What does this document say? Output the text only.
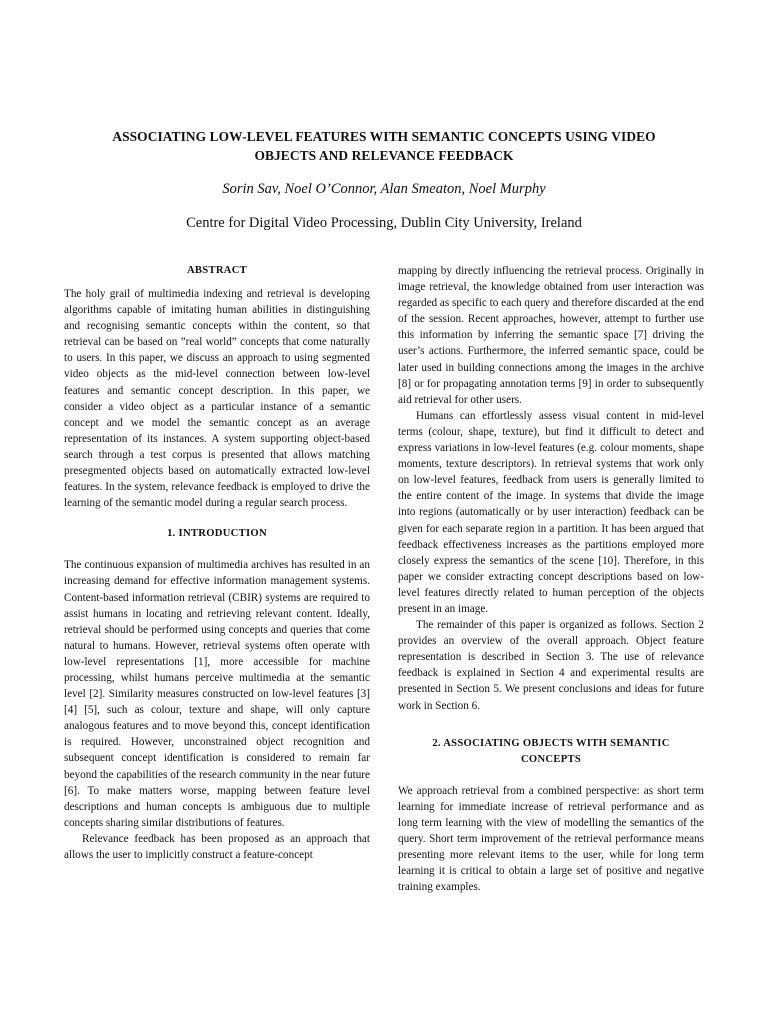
ASSOCIATING LOW-LEVEL FEATURES WITH SEMANTIC CONCEPTS USING VIDEO
OBJECTS AND RELEVANCE FEEDBACK
Sorin Sav, Noel O’Connor, Alan Smeaton, Noel Murphy
Centre for Digital Video Processing, Dublin City University, Ireland
ABSTRACT

The holy grail of multimedia indexing and retrieval is developing algorithms capable of imitating human abilities in distinguishing and recognising semantic concepts within the content, so that retrieval can be based on ”real world” concepts that come naturally to users. In this paper, we discuss an approach to using segmented video objects as the mid-level connection between low-level features and semantic concept description. In this paper, we consider a video object as a particular instance of a semantic concept and we model the semantic concept as an average representation of its instances. A system supporting object-based search through a test corpus is presented that allows matching presegmented objects based on automatically extracted low-level features. In the system, relevance feedback is employed to drive the learning of the semantic model during a regular search process.

1. INTRODUCTION

The continuous expansion of multimedia archives has resulted in an increasing demand for effective information management systems. Content-based information retrieval (CBIR) systems are required to assist humans in locating and retrieving relevant content. Ideally, retrieval should be performed using concepts and queries that come natural to humans. However, retrieval systems often operate with low-level representations [1], more accessible for machine processing, whilst humans perceive multimedia at the semantic level [2]. Similarity measures constructed on low-level features [3] [4] [5], such as colour, texture and shape, will only capture analogous features and to move beyond this, concept identification is required. However, unconstrained object recognition and subsequent concept identification is considered to remain far beyond the capabilities of the research community in the near future [6]. To make matters worse, mapping between feature level descriptions and human concepts is ambiguous due to multiple concepts sharing similar distributions of features.

Relevance feedback has been proposed as an approach that allows the user to implicitly construct a feature-concept

mapping by directly influencing the retrieval process. Originally in image retrieval, the knowledge obtained from user interaction was regarded as specific to each query and therefore discarded at the end of the session. Recent approaches, however, attempt to further use this information by inferring the semantic space [7] driving the user’s actions. Furthermore, the inferred semantic space, could be later used in building connections among the images in the archive [8] or for propagating annotation terms [9] in order to subsequently aid retrieval for other users.

Humans can effortlessly assess visual content in mid-level terms (colour, shape, texture), but find it difficult to detect and express variations in low-level features (e.g. colour moments, shape moments, texture descriptors). In retrieval systems that work only on low-level features, feedback from users is generally limited to the entire content of the image. In systems that divide the image into regions (automatically or by user interaction) feedback can be given for each separate region in a partition. It has been argued that feedback effectiveness increases as the partitions employed more closely express the semantics of the scene [10]. Therefore, in this paper we consider extracting concept descriptions based on low-level features directly related to human perception of the objects present in an image.

The remainder of this paper is organized as follows. Section 2 provides an overview of the overall approach. Object feature representation is described in Section 3. The use of relevance feedback is explained in Section 4 and experimental results are presented in Section 5. We present conclusions and ideas for future work in Section 6.

2. ASSOCIATING OBJECTS WITH SEMANTIC
CONCEPTS

We approach retrieval from a combined perspective: as short term learning for immediate increase of retrieval performance and as long term learning with the view of modelling the semantics of the query. Short term improvement of the retrieval performance means presenting more relevant items to the user, while for long term learning it is critical to obtain a large set of positive and negative training examples.
